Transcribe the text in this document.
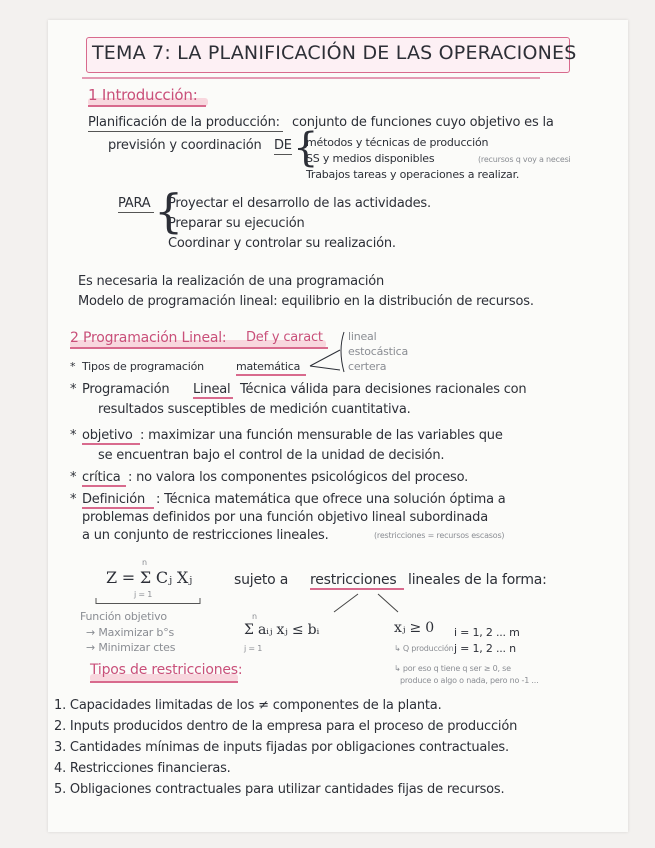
TEMA 7: LA PLANIFICACIÓN DE LAS OPERACIONES
1 Introducción:
Planificación de la producción: conjunto de funciones cuyo objetivo es la
previsión y coordinación DE {
métodos y técnicas de producción
SS y medios disponibles	(recursos q voy a necesi
Trabajos tareas y operaciones a realizar.
PARA {
Proyectar el desarrollo de las actividades.
Preparar su ejecución
Coordinar y controlar su realización.
Es necesaria la realización de una programación
Modelo de programación lineal: equilibrio en la distribución de recursos.
2 Programación Lineal: Def y caract lineal
estocástica
certera
* Tipos de programación	matemática
* Programación Lineal Técnica válida para decisiones racionales con
resultados susceptibles de medición cuantitativa.
* objetivo : maximizar una función mensurable de las variables que
se encuentran bajo el control de la unidad de decisión.
* crítica : no valora los componentes psicológicos del proceso.
* Definición : Técnica matemática que ofrece una solución óptima a
problemas definidos por una función objetivo lineal subordinada
a un conjunto de restricciones lineales.	(restricciones = recursos escasos)
n
Z = Σ Cⱼ Xⱼ
j = 1
sujeto a restricciones lineales de la forma:
Función objetivo
→ Maximizar b°s
→ Minimizar ctes
n
Σ aᵢⱼ xⱼ ≤ bᵢ
j = 1
xⱼ ≥ 0 i = 1, 2 ... m
j = 1, 2 ... n
↳ Q producción
↳ por eso q tiene q ser ≥ 0, se
produce o algo o nada, pero no -1 ...
Tipos de restricciones:
1. Capacidades limitadas de los ≠ componentes de la planta.
2. Inputs producidos dentro de la empresa para el proceso de producción
3. Cantidades mínimas de inputs fijadas por obligaciones contractuales.
4. Restricciones financieras.
5. Obligaciones contractuales para utilizar cantidades fijas de recursos.
